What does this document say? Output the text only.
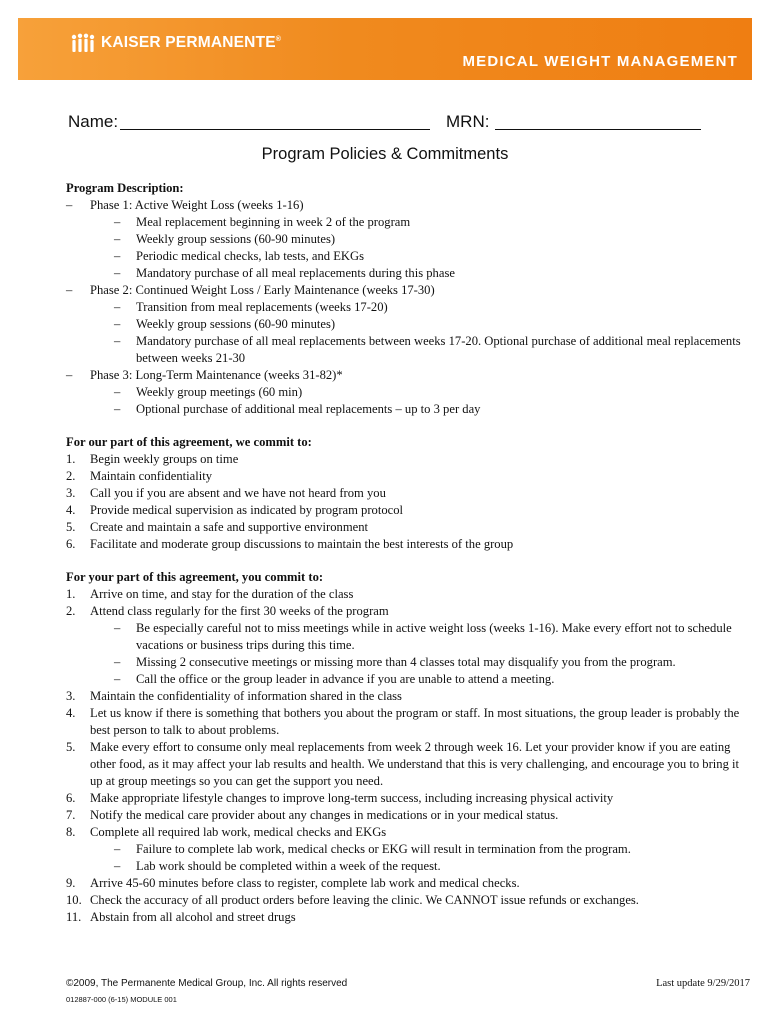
KAISER PERMANENTE®
MEDICAL WEIGHT MANAGEMENT
Name:	MRN:
Program Policies & Commitments
Program Description:
–	Phase 1: Active Weight Loss (weeks 1-16)
–	Meal replacement beginning in week 2 of the program
–	Weekly group sessions (60-90 minutes)
–	Periodic medical checks, lab tests, and EKGs
–	Mandatory purchase of all meal replacements during this phase
–	Phase 2: Continued Weight Loss / Early Maintenance (weeks 17-30)
–	Transition from meal replacements (weeks 17-20)
–	Weekly group sessions (60-90 minutes)
–	Mandatory purchase of all meal replacements between weeks 17-20. Optional purchase of additional meal replacements between weeks 21-30
–	Phase 3: Long-Term Maintenance (weeks 31-82)*
–	Weekly group meetings (60 min)
–	Optional purchase of additional meal replacements – up to 3 per day
For our part of this agreement, we commit to:
1.	Begin weekly groups on time
2.	Maintain confidentiality
3.	Call you if you are absent and we have not heard from you
4.	Provide medical supervision as indicated by program protocol
5.	Create and maintain a safe and supportive environment
6.	Facilitate and moderate group discussions to maintain the best interests of the group
For your part of this agreement, you commit to:
1.	Arrive on time, and stay for the duration of the class
2.	Attend class regularly for the first 30 weeks of the program
–	Be especially careful not to miss meetings while in active weight loss (weeks 1-16). Make every effort not to schedule vacations or business trips during this time.
–	Missing 2 consecutive meetings or missing more than 4 classes total may disqualify you from the program.
–	Call the office or the group leader in advance if you are unable to attend a meeting.
3.	Maintain the confidentiality of information shared in the class
4.	Let us know if there is something that bothers you about the program or staff. In most situations, the group leader is probably the best person to talk to about problems.
5.	Make every effort to consume only meal replacements from week 2 through week 16. Let your provider know if you are eating other food, as it may affect your lab results and health. We understand that this is very challenging, and encourage you to bring it up at group meetings so you can get the support you need.
6.	Make appropriate lifestyle changes to improve long-term success, including increasing physical activity
7.	Notify the medical care provider about any changes in medications or in your medical status.
8.	Complete all required lab work, medical checks and EKGs
–	Failure to complete lab work, medical checks or EKG will result in termination from the program.
–	Lab work should be completed within a week of the request.
9.	Arrive 45-60 minutes before class to register, complete lab work and medical checks.
10. Check the accuracy of all product orders before leaving the clinic. We CANNOT issue refunds or exchanges.
11. Abstain from all alcohol and street drugs
©2009, The Permanente Medical Group, Inc. All rights reserved	Last update 9/29/2017
012887-000 (6-15) MODULE 001
